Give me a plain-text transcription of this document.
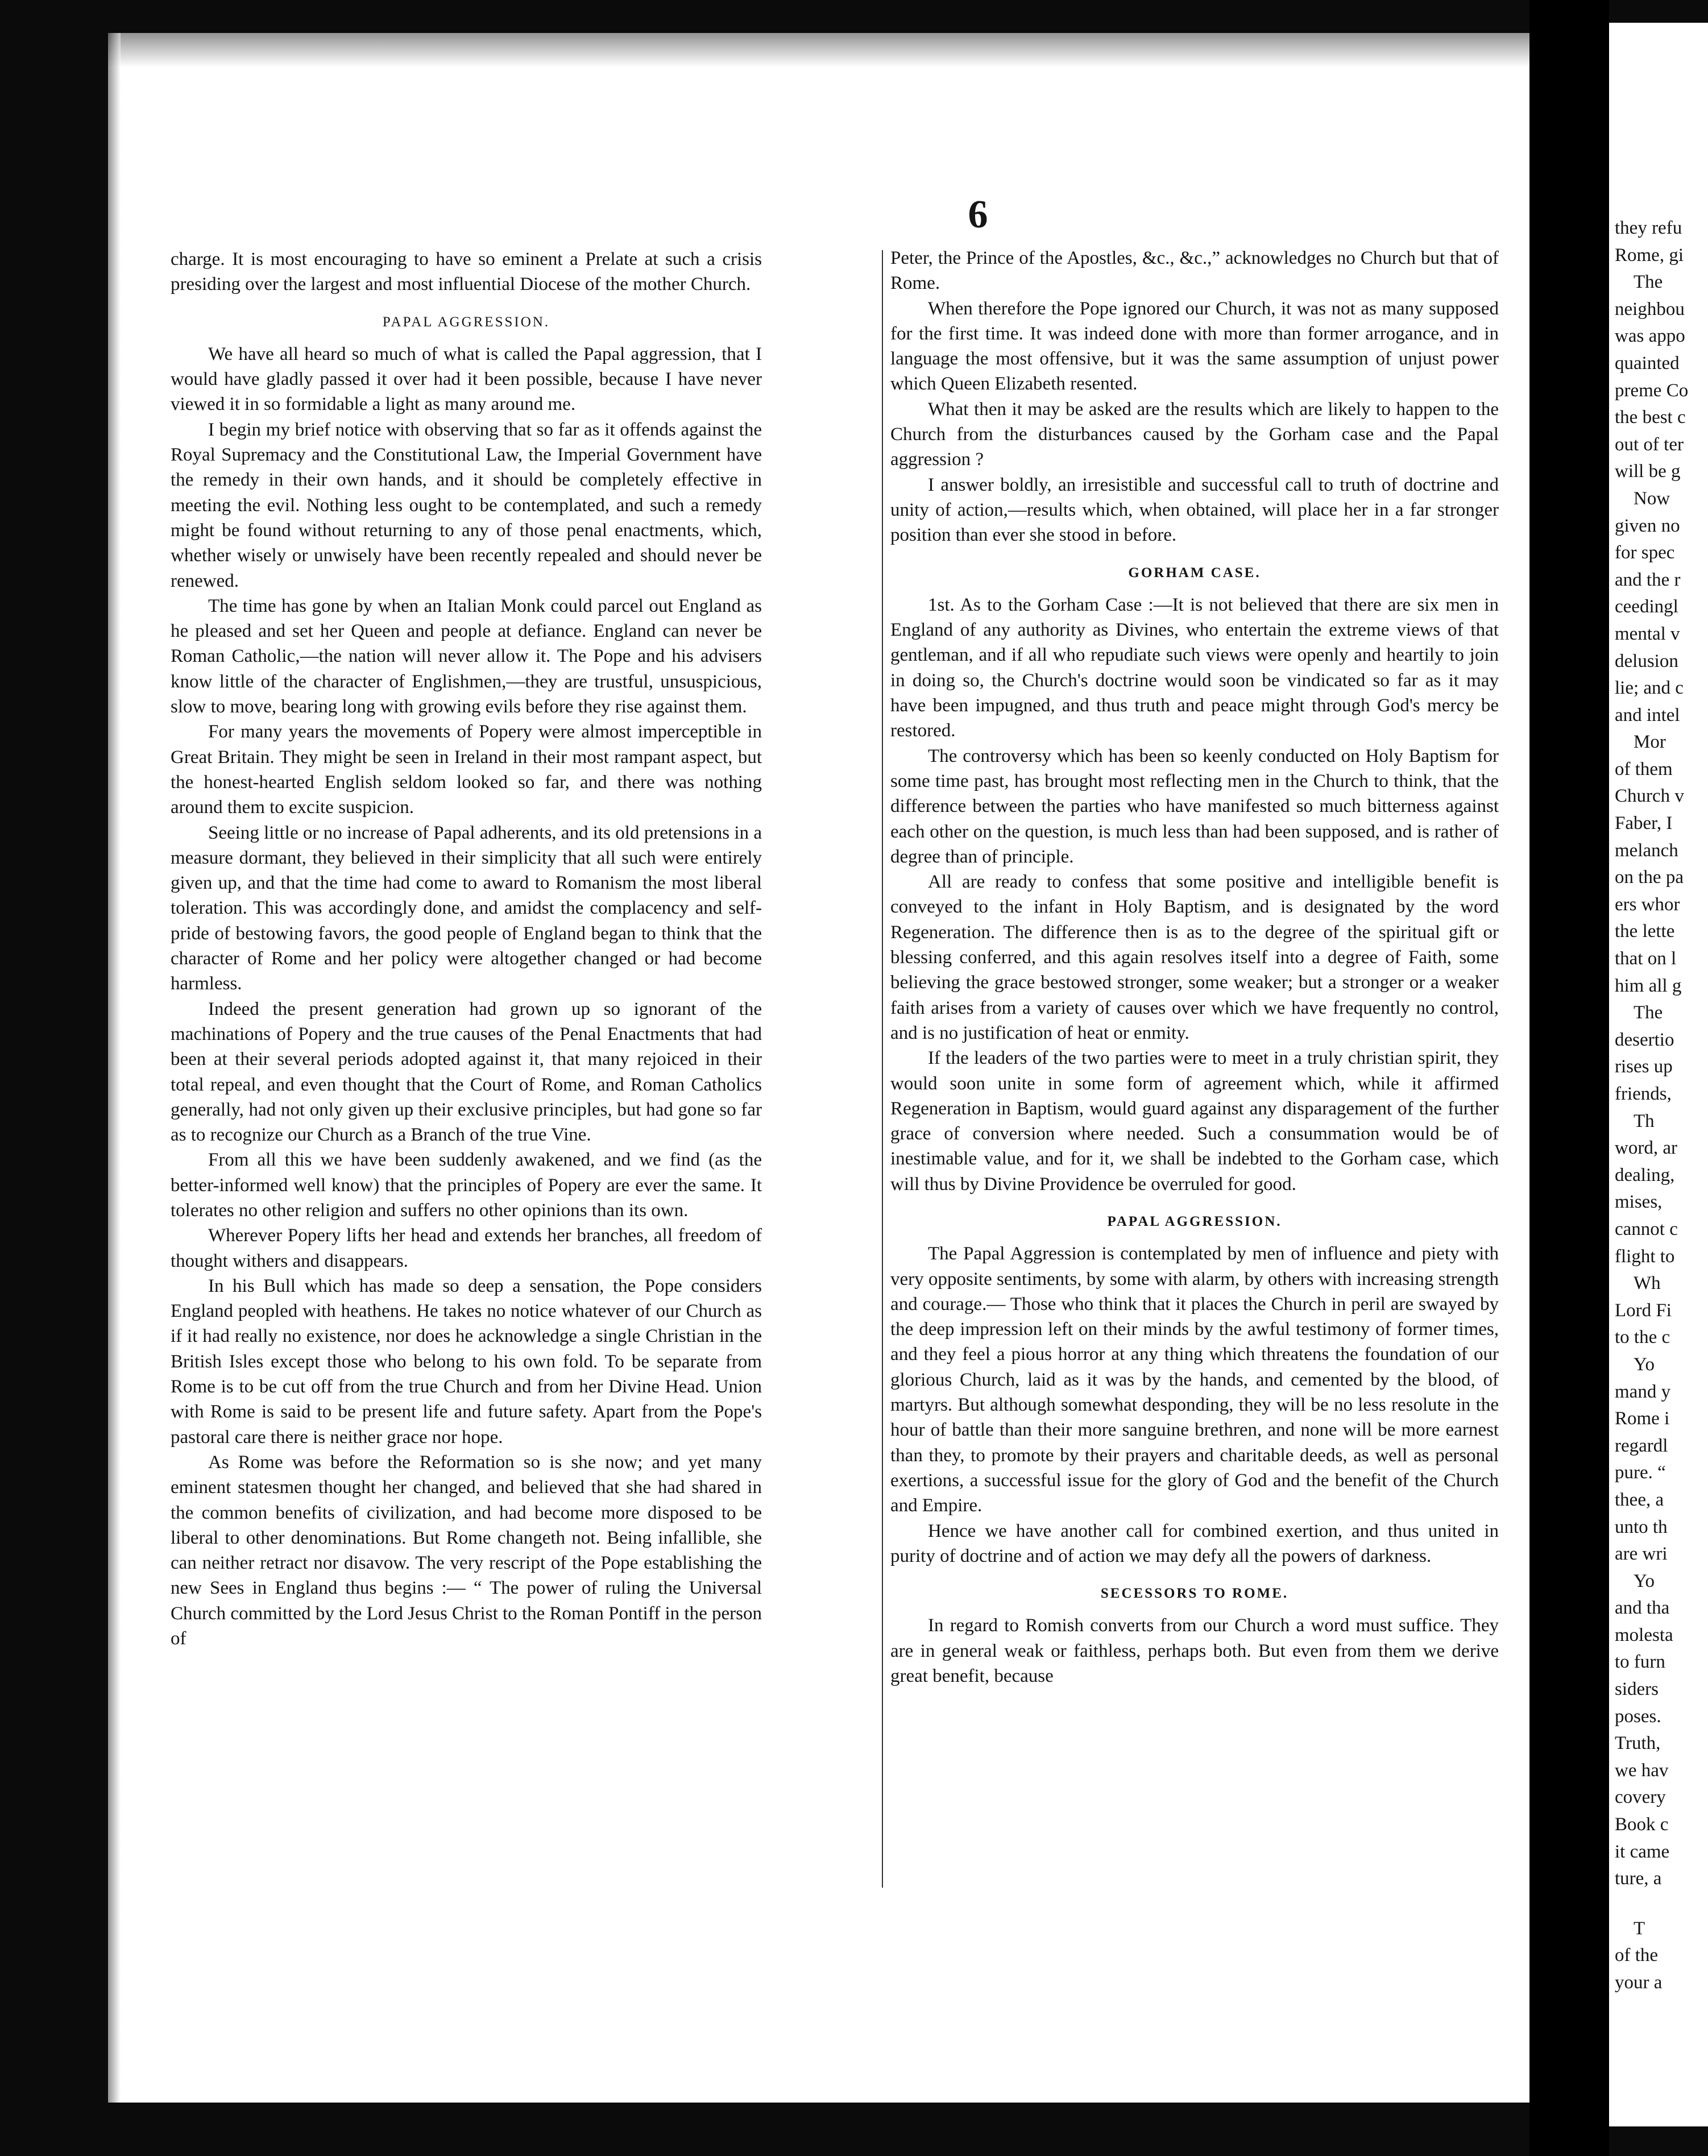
6

charge. It is most encouraging to have so eminent a Prelate at such a crisis presiding over the largest and most influential Diocese of the mother Church.

PAPAL AGGRESSION.

We have all heard so much of what is called the Papal aggression, that I would have gladly passed it over had it been possible, because I have never viewed it in so formidable a light as many around me.

I begin my brief notice with observing that so far as it offends against the Royal Supremacy and the Constitutional Law, the Imperial Government have the remedy in their own hands, and it should be completely effective in meeting the evil. Nothing less ought to be contemplated, and such a remedy might be found without returning to any of those penal enactments, which, whether wisely or unwisely have been recently repealed and should never be renewed.

The time has gone by when an Italian Monk could parcel out England as he pleased and set her Queen and people at defiance. England can never be Roman Catholic,—the nation will never allow it. The Pope and his advisers know little of the character of Englishmen,—they are trustful, unsuspicious, slow to move, bearing long with growing evils before they rise against them.

For many years the movements of Popery were almost imperceptible in Great Britain. They might be seen in Ireland in their most rampant aspect, but the honest-hearted English seldom looked so far, and there was nothing around them to excite suspicion.

Seeing little or no increase of Papal adherents, and its old pretensions in a measure dormant, they believed in their simplicity that all such were entirely given up, and that the time had come to award to Romanism the most liberal toleration. This was accordingly done, and amidst the complacency and self-pride of bestowing favors, the good people of England began to think that the character of Rome and her policy were altogether changed or had become harmless.

Indeed the present generation had grown up so ignorant of the machinations of Popery and the true causes of the Penal Enactments that had been at their several periods adopted against it, that many rejoiced in their total repeal, and even thought that the Court of Rome, and Roman Catholics generally, had not only given up their exclusive principles, but had gone so far as to recognize our Church as a Branch of the true Vine.

From all this we have been suddenly awakened, and we find (as the better-informed well know) that the principles of Popery are ever the same. It tolerates no other religion and suffers no other opinions than its own.

Wherever Popery lifts her head and extends her branches, all freedom of thought withers and disappears.

In his Bull which has made so deep a sensation, the Pope considers England peopled with heathens. He takes no notice whatever of our Church as if it had really no existence, nor does he acknowledge a single Christian in the British Isles except those who belong to his own fold. To be separate from Rome is to be cut off from the true Church and from her Divine Head. Union with Rome is said to be present life and future safety. Apart from the Pope's pastoral care there is neither grace nor hope.

As Rome was before the Reformation so is she now; and yet many eminent statesmen thought her changed, and believed that she had shared in the common benefits of civilization, and had become more disposed to be liberal to other denominations. But Rome changeth not. Being infallible, she can neither retract nor disavow. The very rescript of the Pope establishing the new Sees in England thus begins :— “ The power of ruling the Universal Church committed by the Lord Jesus Christ to the Roman Pontiff in the person of

Peter, the Prince of the Apostles, &c., &c.,” acknowledges no Church but that of Rome.

When therefore the Pope ignored our Church, it was not as many supposed for the first time. It was indeed done with more than former arrogance, and in language the most offensive, but it was the same assumption of unjust power which Queen Elizabeth resented.

What then it may be asked are the results which are likely to happen to the Church from the disturbances caused by the Gorham case and the Papal aggression ?

I answer boldly, an irresistible and successful call to truth of doctrine and unity of action,—results which, when obtained, will place her in a far stronger position than ever she stood in before.

GORHAM CASE.

1st. As to the Gorham Case :—It is not believed that there are six men in England of any authority as Divines, who entertain the extreme views of that gentleman, and if all who repudiate such views were openly and heartily to join in doing so, the Church's doctrine would soon be vindicated so far as it may have been impugned, and thus truth and peace might through God's mercy be restored.

The controversy which has been so keenly conducted on Holy Baptism for some time past, has brought most reflecting men in the Church to think, that the difference between the parties who have manifested so much bitterness against each other on the question, is much less than had been supposed, and is rather of degree than of principle.

All are ready to confess that some positive and intelligible benefit is conveyed to the infant in Holy Baptism, and is designated by the word Regeneration. The difference then is as to the degree of the spiritual gift or blessing conferred, and this again resolves itself into a degree of Faith, some believing the grace bestowed stronger, some weaker; but a stronger or a weaker faith arises from a variety of causes over which we have frequently no control, and is no justification of heat or enmity.

If the leaders of the two parties were to meet in a truly christian spirit, they would soon unite in some form of agreement which, while it affirmed Regeneration in Baptism, would guard against any disparagement of the further grace of conversion where needed. Such a consummation would be of inestimable value, and for it, we shall be indebted to the Gorham case, which will thus by Divine Providence be overruled for good.

PAPAL AGGRESSION.

The Papal Aggression is contemplated by men of influence and piety with very opposite sentiments, by some with alarm, by others with increasing strength and courage.— Those who think that it places the Church in peril are swayed by the deep impression left on their minds by the awful testimony of former times, and they feel a pious horror at any thing which threatens the foundation of our glorious Church, laid as it was by the hands, and cemented by the blood, of martyrs. But although somewhat desponding, they will be no less resolute in the hour of battle than their more sanguine brethren, and none will be more earnest than they, to promote by their prayers and charitable deeds, as well as personal exertions, a successful issue for the glory of God and the benefit of the Church and Empire.

Hence we have another call for combined exertion, and thus united in purity of doctrine and of action we may defy all the powers of darkness.

SECESSORS TO ROME.

In regard to Romish converts from our Church a word must suffice. They are in general weak or faithless, perhaps both. But even from them we derive great benefit, because

they refu
Rome, gi
The
neighbou
was appo
quainted
preme Co
the best c
out of ter
will be g
Now
given no
for spec
and the r
ceedingl
mental v
delusion
lie; and c
and intel
Mor
of them
Church v
Faber, I
melanch
on the pa
ers whor
the lette
that on l
him all g
The
desertio
rises up
friends,
Th
word, ar
dealing,
mises,
cannot c
flight to
Wh
Lord Fi
to the c
Yo
mand y
Rome i
regardl
pure. “
thee, a
unto th
are wri
Yo
and tha
molesta
to furn
siders
poses.
Truth,
we hav
covery
Book c
it came
ture, a
T
of the
your a
